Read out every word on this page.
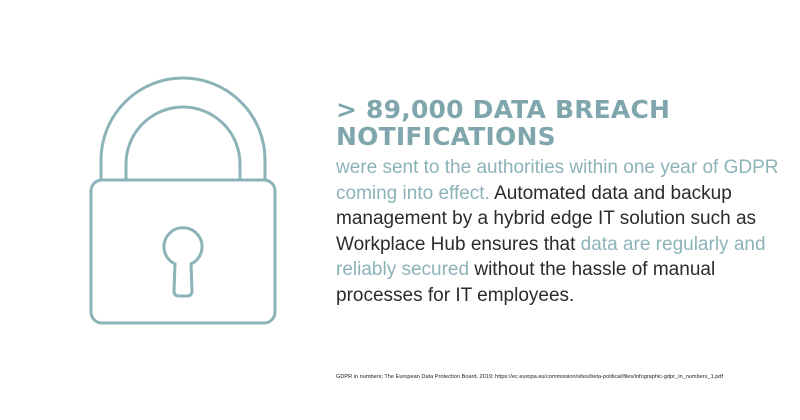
> 89,000 DATA BREACH NOTIFICATIONS
were sent to the authorities within one year of GDPR coming into effect. Automated data and backup management by a hybrid edge IT solution such as Workplace Hub ensures that data are regularly and reliably secured without the hassle of manual processes for IT employees.
GDPR in numbers; The European Data Protection Board, 2019; https://ec.europa.eu/commission/sites/beta-political/files/infographic-gdpr_in_numbers_1.pdf
